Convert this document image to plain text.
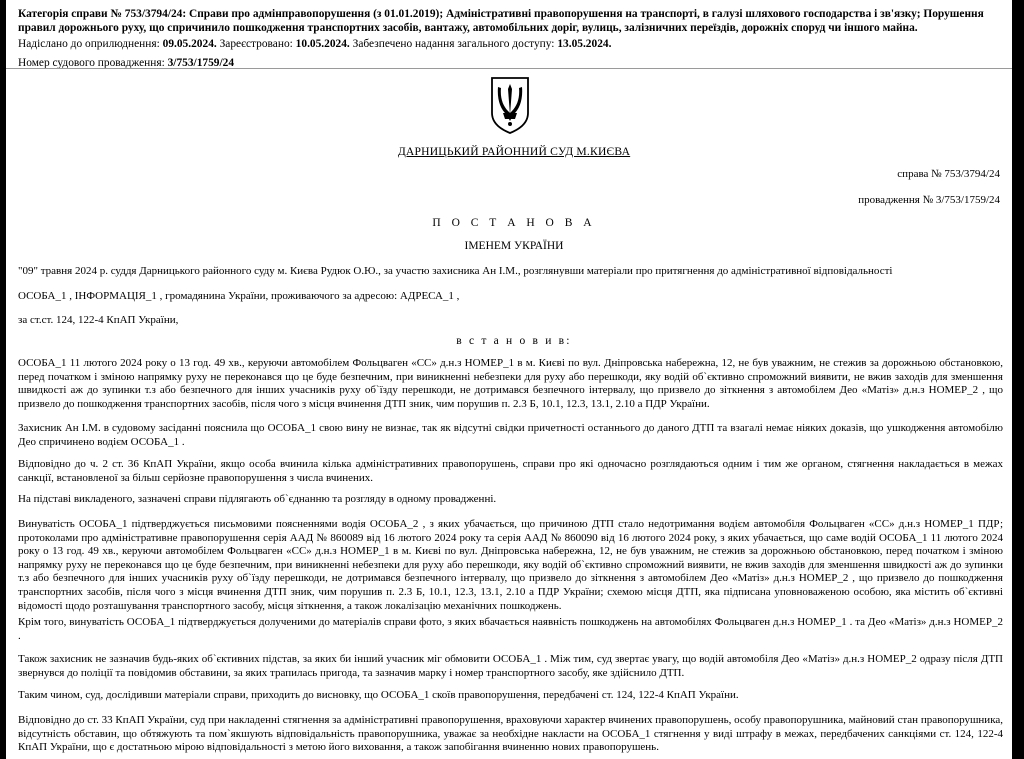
Категорія справи № 753/3794/24: Справи про адмінправопорушення (з 01.01.2019); Адміністративні правопорушення на транспорті, в галузі шляхового господарства і зв'язку; Порушення правил дорожнього руху, що спричинило пошкодження транспортних засобів, вантажу, автомобільних доріг, вулиць, залізничних переїздів, дорожніх споруд чи іншого майна.
Надіслано до оприлюднення: 09.05.2024. Зареєстровано: 10.05.2024. Забезпечено надання загального доступу: 13.05.2024.
Номер судового провадження: 3/753/1759/24
ДАРНИЦЬКИЙ РАЙОННИЙ СУД М.КИЄВА
справа № 753/3794/24
провадження № 3/753/1759/24
П О С Т А Н О В А
ІМЕНЕМ УКРАЇНИ
"09" травня 2024 р. суддя Дарницького районного суду м. Києва Рудюк О.Ю., за участю захисника Ан І.М., розглянувши матеріали про притягнення до адміністративної відповідальності
ОСОБА_1 , ІНФОРМАЦІЯ_1 , громадянина України, проживаючого за адресою: АДРЕСА_1 ,
за ст.ст. 124, 122-4 КпАП України,
в с т а н о в и в:
ОСОБА_1 11 лютого 2024 року о 13 год. 49 хв., керуючи автомобілем Фольцваген «СС» д.н.з НОМЕР_1 в м. Києві по вул. Дніпровська набережна, 12, не був уважним, не стежив за дорожньою обстановкою, перед початком і зміною напрямку руху не переконався що це буде безпечним, при виникненні небезпеки для руху або перешкоди, яку водій об`єктивно спроможний виявити, не вжив заходів для зменшення швидкості аж до зупинки т.з або безпечного для інших учасників руху об`їзду перешкоди, не дотримався безпечного інтервалу, що призвело до зіткнення з автомобілем Део «Матіз» д.н.з НОМЕР_2 , що призвело до пошкодження транспортних засобів, після чого з місця вчинення ДТП зник, чим порушив п. 2.3 Б, 10.1, 12.3, 13.1, 2.10 а ПДР України.
Захисник Ан І.М. в судовому засіданні пояснила що ОСОБА_1 свою вину не визнає, так як відсутні свідки причетності останнього до даного ДТП та взагалі немає ніяких доказів, що ушкодження автомобілю Део спричинено водієм ОСОБА_1 .
Відповідно до ч. 2 ст. 36 КпАП України, якщо особа вчинила кілька адміністративних правопорушень, справи про які одночасно розглядаються одним і тим же органом, стягнення накладається в межах санкції, встановленої за більш серйозне правопорушення з числа вчинених.
На підставі викладеного, зазначені справи підлягають об`єднанню та розгляду в одному провадженні.
Винуватість ОСОБА_1 підтверджується письмовими поясненнями водія ОСОБА_2 , з яких убачається, що причиною ДТП стало недотримання водієм автомобіля Фольцваген «СС» д.н.з НОМЕР_1 ПДР; протоколами про адміністративне правопорушення серія ААД № 860089 від 16 лютого 2024 року та серія ААД № 860090 від 16 лютого 2024 року, з яких убачається, що саме водій ОСОБА_1 11 лютого 2024 року о 13 год. 49 хв., керуючи автомобілем Фольцваген «СС» д.н.з НОМЕР_1 в м. Києві по вул. Дніпровська набережна, 12, не був уважним, не стежив за дорожньою обстановкою, перед початком і зміною напрямку руху не переконався що це буде безпечним, при виникненні небезпеки для руху або перешкоди, яку водій об`єктивно спроможний виявити, не вжив заходів для зменшення швидкості аж до зупинки т.з або безпечного для інших учасників руху об`їзду перешкоди, не дотримався безпечного інтервалу, що призвело до зіткнення з автомобілем Део «Матіз» д.н.з НОМЕР_2 , що призвело до пошкодження транспортних засобів, після чого з місця вчинення ДТП зник, чим порушив п. 2.3 Б, 10.1, 12.3, 13.1, 2.10 а ПДР України; схемою місця ДТП, яка підписана уповноваженою особою, яка містить об`єктивні відомості щодо розташування транспортного засобу, місця зіткнення, а також локалізацію механічних пошкоджень.
Крім того, винуватість ОСОБА_1 підтверджується долученими до матеріалів справи фото, з яких вбачається наявність пошкоджень на автомобілях Фольцваген д.н.з НОМЕР_1 . та Део «Матіз» д.н.з НОМЕР_2 .
Також захисник не зазначив будь-яких об`єктивних підстав, за яких би інший учасник міг обмовити ОСОБА_1 . Між тим, суд звертає увагу, що водій автомобіля Део «Матіз» д.н.з НОМЕР_2 одразу після ДТП звернувся до поліції та повідомив обставини, за яких трапилась пригода, та зазначив марку і номер транспортного засобу, яке здійснило ДТП.
Таким чином, суд, дослідивши матеріали справи, приходить до висновку, що ОСОБА_1 скоїв правопорушення, передбачені ст. 124, 122-4 КпАП України.
Відповідно до ст. 33 КпАП України, суд при накладенні стягнення за адміністративні правопорушення, враховуючи характер вчинених правопорушень, особу правопорушника, майновий стан правопорушника, відсутність обставин, що обтяжують та пом`якшують відповідальність правопорушника, уважає за необхідне накласти на ОСОБА_1 стягнення у виді штрафу в межах, передбачених санкціями ст. 124, 122-4 КпАП України, що є достатньою мірою відповідальності з метою його виховання, а також запобігання вчиненню нових правопорушень.
